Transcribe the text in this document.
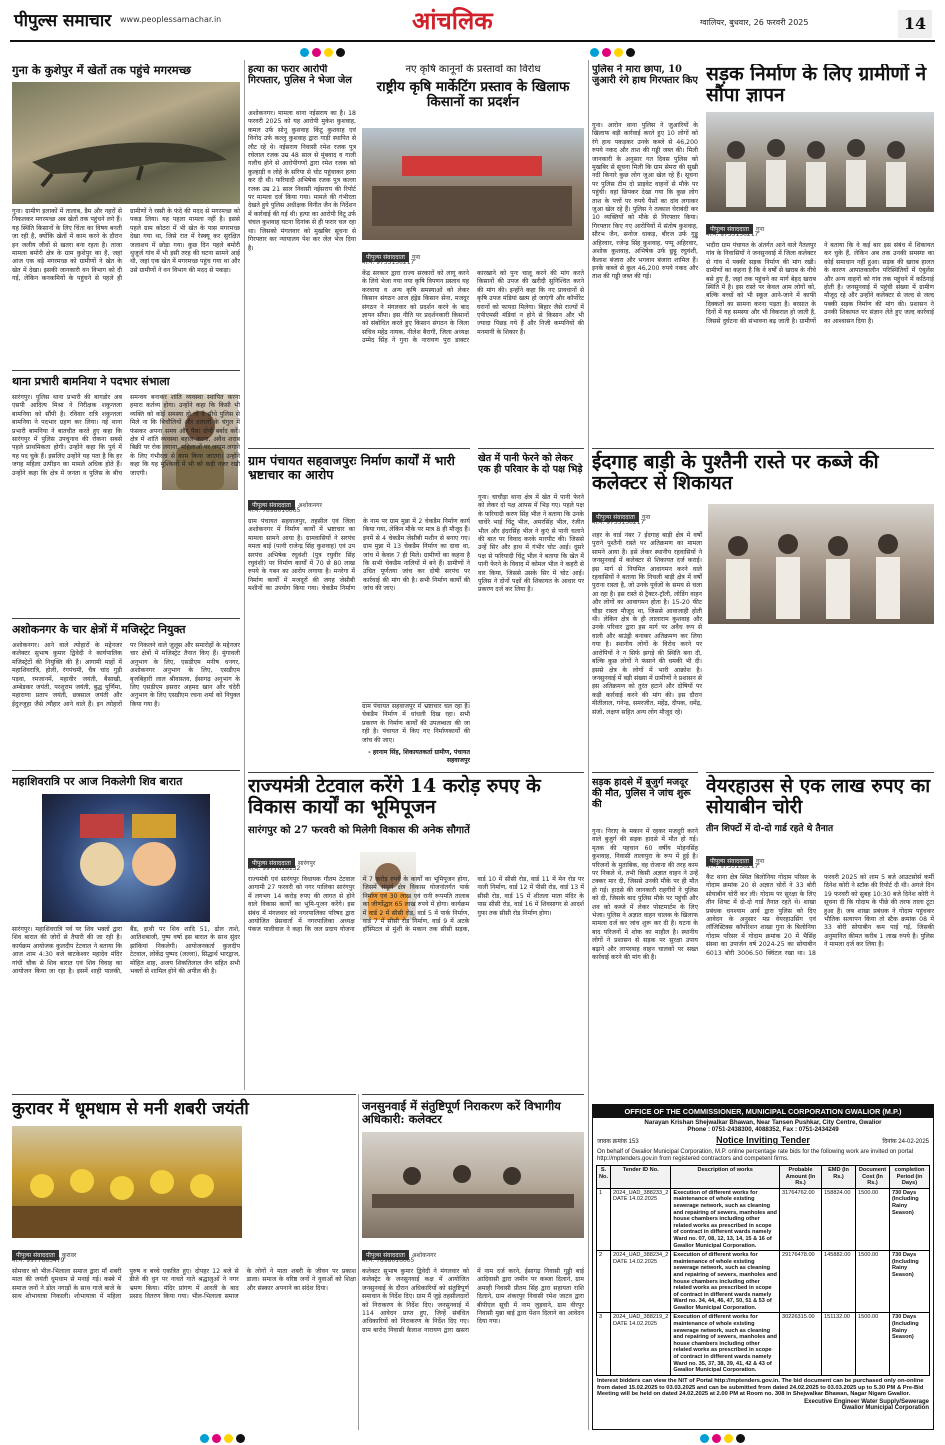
पीपुल्स समाचार www.peoplessamachar.in	आंचलिक	ग्वालियर, बुधवार, 26 फरवरी 2025	14
गुना के कुशेपुर में खेतों तक पहुंचे मगरमच्छ
गुना। ग्रामीण इलाकों में तालाब, डैम और नहरों से निकलकर मगरमच्छ अब खेतों तक पहुंचने लगे हैं। यह स्थिति किसानों के लिए चिंता का विषय बनती जा रही है, क्योंकि खेतों में काम करने के दौरान इन जलीय जीवों से खतरा बना रहता है। ताजा मामला बमोरी क्षेत्र के ग्राम कुशेपुर का है, जहां आज एक बड़े मगरमच्छ को ग्रामीणों ने खेत के खेत में देखा। इसकी जानकारी वन विभाग को दी गई, लेकिन कनकमियों के पहुंचने से पहले ही ग्रामीणों ने रस्सी के फंदे की मदद से मगरमच्छ को पकड़ लिया। यह पहला मामला नहीं है। इससे पहले ग्राम कोठरा में भी खेत के पास मगरमच्छ देखा गया था, जिसे रात में रेस्क्यू कर सुरक्षित जलाशय में छोड़ा गया। कुछ दिन पहले बमोरी थुजूर्ज गांव में भी इसी तरह की घटना सामने आई थी, जहां एक खेत में मगरमच्छ पहुंच गया था और उसे ग्रामीणों ने वन विभाग की मदद से पकड़ा।
थाना प्रभारी बामनिया ने पदभार संभाला
सारंगपुर। पुलिस थाना प्रभारी की बागडोर अब एसपी आदित्य मिश्रा ने निरीक्षक शकुन्तला बामनिया को सौंपी है। रविवार रात्रि शकुन्तला बामनिया ने पदभार ग्रहण कर लिया। नई थाना प्रभारी बामनिया ने बातचीत करते हुए कहा कि सारंगपुर में पुलिस उपचुनाव की रोकना सबसे पहले प्राथमिकता होगी। उन्होंने कहा कि पुर्व में यह पद चुके हैं। इसलिए उन्होंने यह पता है कि हर जगह महिला उत्पीड़न का मामले अधिक होते हैं। उन्होंने कहा कि क्षेत्र में जनता व पुलिस के बीच समन्वय बनाकर शांति व्यवस्था स्थापित करना हमारा कर्तव्य होगा। उन्होंने कहा कि किसी भी व्यक्ति को कोई समस्या हो तो वे सीधे पुलिस से मिले ना कि बिचौलियों और दलालों के चंगुल में फंसकर अपना समय और पैसा दोनों बर्बाद करें। क्षेत्र में शांति व्यवस्था बहाल करना, अवैध शराब बिक्री पर रोक लगाना, महिलाओं पर लगाम लगाने के लिए गंभीरता से काम किया जाएगा। उन्होंने कहा कि यह मुश्किलों में भी को कड़ी नजर रखी जाएगी।
अशोकनगर के चार क्षेत्रों में मजिस्ट्रेट नियुक्त
अशोकनगर। आने वाले त्योहारों के मद्देनजर कलेक्टर सुभाष कुमार द्विवेदी ने कार्यपालिक मजिस्ट्रेटों की नियुक्ति की है। आगामी माहों में महाशिवरात्रि, होली, रंगपंचमी, चैत्र चांद गुड़ी पड़वा, रमजानमें, महावीर जयंती, बैसाखी, अम्बेडकर जयंती, परशुराम जयंती, बुद्ध पूर्णिमा, महाराणा प्रताप जयंती, छत्रसाल जयंती और ईदुज्जुहा जैसे त्यौहार आने वाले हैं। इन त्योहारों पर निकलने वाले जुलूस और समारोहों के मद्देनजर चार क्षेत्रों में मजिस्ट्रेट तैनात किए हैं। मुंगावली अनुभाग के लिए, एसडीएम मनीष धनगर, अशोकनगर अनुभाग के लिए, एसडीएम बृजबिहारी लाल श्रीवास्तव, ईसागढ़ अनुभाग के लिए एसडीएम इसरार अहमद खान और चंदेरी अनुभाग के लिए एसडीएम रचना शर्मा को नियुक्त किया गया है।
महाशिवरात्रि पर आज निकलेगी शिव बारात
सारंगपुर। महाशिवरात्रि पर्व पर शिव भक्तों द्वारा शिव बारात की जोरों से तैयारी की जा रही है। कार्यक्रम आयोजक कुलदीप टेटवाल ने बताया कि आज शाम 4:30 बजे बाटकेश्वर महादेव मंदिर गांधी चौक से शिव बारात एवं शिव विवाह का आयोजन किया जा रहा है। इसमें शाही पालकी, बैंड, हाथी पर शिव शादि 51, ढोल ताशे, आतिशबाजी, पुष्प वर्षा इस बारात के साथ सुंदर झांकियां निकलेगी। आयोजनकर्ता कुलदीप टेटवाल, लोकेंद्र पुष्पद (लल्ला), सिद्धार्थ भारद्वाज, मोहित शाह, अजय शिकतिलाल जैन सहित सभी भक्तों से शामिल होने की अपील की है।
हत्या का फरार आरोपी गिरफ्तार, पुलिस ने भेजा जेल
अशोकनगर। मामला थाना नईसराय का है। 18 फरवरी 2025 को यह आरोपी मुकेश कुशवाह, कमल उर्फ सोनू कुशवाह किंटू कुशवाह एवं विनोद उर्फ कल्लु कुशवाह द्वारा गाड़ी स्थापित से लौट रहे थे। नईसराय निवासी रमेश रजक पुत्र रघेलाल रजक उम्र 48 साल से मुंबवाद व गाली गलौच होने से आरोपीगणों द्वारा रमेश रजक को कुल्हाड़ी व लोहे के सरिया से चोट पहुंचाकर हत्या कर दी थी। फरियादी अभिषेक रजक पुत्र कल्ला रजक उम्र 21 साल निवासी नईसराय की रिपोर्ट पर मामला दर्ज किया गया। मामले की गंभीरता देखते हुये पुलिस अधीक्षक विनीत जैन के निर्देशन में कार्रवाई की गई थी। हत्या का आरोपी विटू उर्फ चंचल कुशवाह घटना दिनांक से ही फरार चल रहा था। जिसको मंगलवार को मुखबिर सूचना से गिरफ्तार कर न्यायालय पेश कर जेल भेज दिया है।
नए कृषि कानूनों के प्रस्तावों का विरोध
राष्ट्रीय कृषि मार्केटिंग प्रस्ताव के खिलाफ किसानों का प्रदर्शन
पीपुल्स संवाददाता गुना
मो.नं. 9755130217
केंद्र सरकार द्वारा राज्य सरकारों को लागू करने के लिये भेजा गया नया कृषि विपणन प्रस्ताव यह करवाया व अन्य कृषि समस्याओं को लेकर किसान संगठन आज हंड्रेड किसान सेना, मजदूर संगठन ने मंगलवार को प्रदर्शन करने के बाद ज्ञापन सौंपा। इस नीति पर प्रदर्शनकारी किसानों को संबोधित करते हुए किसान संगठन के जिला सचिव महेंद्र नायक, नीलेश बैरागी, जिला अध्यक्ष उम्मेद सिंह ने गुना के नारायण पुरा डाक्टर कारखाने को पुनः चालू करने की मांग करते किसानों की उपज की खरीदी सुनिश्चित करने की मांग की। इन्होंने कहा कि नए प्रावधानों से कृषि उपज मंडियां खत्म हो जाएंगी और कॉर्पोरेट घरानों को फायदा मिलेगा। बिहार जैसे राज्यों में एपीएमसी मंडियां न होने से किसान और भी ज्यादा पिछड़ गये हैं और निजी कम्पनियों की मनमानी के शिकार हैं।
पुलिस ने मारा छापा, 10 जुआरी रंगे हाथ गिरफ्तार किए
गुना। आरोन थाना पुलिस ने जुआरियों के खिलाफ बड़ी कार्रवाई करते हुए 10 लोगों को रंगे हाथ पकड़कर उनके कब्जे से 46,200 रुपये नकद और ताश की गड्डी जब्त की। मिली जानकारी के अनुसार गत दिवस पुलिस को मुखबिर से सूचना मिली कि ग्राम सेमरा की सूखी नदी किनारे कुछ लोग जुआ खेल रहे हैं। सूचना पर पुलिस टीम दो प्राइवेट वाहनों से मौके पर पहुंची। वहां छिपकर देखा गया कि कुछ लोग ताश के पत्तों पर रुपये पैसों का दांव लगाकर जुआ खेल रहे हैं। पुलिस ने तत्काल घेराबंदी कर 10 व्यक्तियों को मौके से गिरफ्तार किया। गिरफ्तार किए गए आरोपियों में संतोष कुशवाह, सौरभ जैन, सनोज धाकड़, बीरज उर्फ गुड्डू अहिरवार, रजेन्द्र सिंह कुशवाह, पप्पू अहिरवार, अशोक कुशवाह, अभिषेक उर्फ छुट्टू रघुवंशी, कैलाश बंजारा और भगवान बंजारा शामिल हैं। इनके कब्जे से कुल 46,200 रुपये नकद और ताश की गड्डी जब्त की गई।
सड़क निर्माण के लिए ग्रामीणों ने सौंपा ज्ञापन
पीपुल्स संवाददाता गुना
मो.नं. 9755130217
भदौरा ग्राम पंचायत के अंतर्गत आने वाले नैतलपुर गांव के निवासियों ने जनसुनवाई में जिला कलेक्टर से गांव में पक्की सड़क निर्माण की मांग रखी। ग्रामीणों का कहना है कि वे वर्षों से खराब के नीचे बसे हुए हैं, जहां तक पहुंचने का मार्ग बेहद खराब स्थिति में है। इस रास्ते पर केवल आम लोगों को, बल्कि बच्चों को भी स्कूल आने-जाने में काफी दिक्कतों का सामना करना पड़ता है। बरसात के दिनों में यह समस्या और भी विकराल हो जाती है, जिससे दुर्घटना की संभावना बढ़ जाती है। ग्रामीणों ने बताया कि वे कई बार इस संबंध में शिकायत कर चुके हैं, लेकिन अब तक उनकी समस्या का कोई समाधान नहीं हुआ। सड़क की खराब हालत के कारण आपातकालीन परिस्थितियों में एंबुलेंस और अन्य वाहनों को गांव तक पहुंचने में कठिनाई होती है। जनसुनवाई में पहुंची संख्या में ग्रामीण मौजूद रहे और उन्होंने कलेक्टर से जल्द से जल्द पक्की सड़क निर्माण की मांग की। प्रशासन ने उनकी शिकायत पर संज्ञान लेते हुए जल्द कार्रवाई का आश्वासन दिया है।
ग्राम पंचायत सहवाजपुरः निर्माण कार्यों में भारी भ्रष्टाचार का आरोप
पीपुल्स संवाददाता अशोकनगर
मो.नं. 7898016065
ग्राम पंचायत सहवाजपुर, तहसील एवं जिला अशोकनगर में निर्माण कार्यों में भ्रष्टाचार का मामला सामने आया है। ग्रामवासियों ने सरपंच ममता बाई (पत्नी राजेन्द्र सिंह कुशवाह) एवं उप सरपंच अभिषेक रघुवंशी (पुत्र रघुवीर सिंह रघुवंशी) पर निर्माण कार्यों में 70 से 80 लाख रुपये के गबन का आरोप लगाया है। मनरेगा में निर्माण कार्यों में मजदूरों की जगह जेसीबी मशीनों का उपयोग किया गया। चेकडैम निर्माण के नाम पर ग्राम मुन्ना में 2 चेकडैम निर्माण कार्य किया गया, लेकिन मौके पर मात्र 8 ही मौजूद हैं। इनमें से 4 चेकडैम जेसीबी मशीन से बनाए गए। ग्राम मुन्ना में 13 चेकडैम निर्माण का दावा था, जांच में केवल 7 ही मिले। ग्रामीणों का कहना है कि सभी चेकडैम नालियों में बने हैं। ग्रामीणों ने उचित पूर्णतया जांच कर दोषी सरपंच पर कार्रवाई की मांग की है। सभी निर्माण कार्यों की जांच की जाए।
ग्राम पंचायत सहवाजपुर में भ्रष्टाचार चल रहा है। चेकडैम निर्माण में धांधली दिख रहा। सभी प्रकरण के निर्माण कार्यों की उपलब्धता की जा रही है। पंचायत में किए गए निर्माणकार्यों की जांच की जाए।
- हरनाम सिंह, शिकायतकर्ता ग्रामीण, पंचायत सहवाजपुर
खेत में पानी फेरने को लेकर एक ही परिवार के दो पक्ष भिड़े
गुना। चाचौड़ा थाना क्षेत्र में खेत में पानी फेरने को लेकर दो पक्ष आपस में भिड़ गए। पहले पक्ष के फरियादी करण सिंह भील ने बताया कि उनके चाचेरे भाई चिंटू भील, अमरसिंह भील, रंजीत भील और इंदरसिंह भील ने कुएं से पानी चलाने की बात पर विवाद करके मारपीट की। जिससे उन्हें सिर और हाथ में गंभीर चोट आई। दूसरे पक्ष से फरियादी चिंटू भील ने बताया कि खेत में पानी फेरने के विवाद में कोमल भील ने कहरी से वार किया, जिससे उसके सिर में चोट आई। पुलिस ने दोनों पक्षों की शिकायत के आधार पर प्रकरण दर्ज कर लिया है।
ईदगाह बाड़ी के पुश्तैनी रास्ते पर कब्जे की कलेक्टर से शिकायत
पीपुल्स संवाददाता गुना
मो.नं. 9755130217
शहर के वार्ड नंबर 7 ईदगाह बाड़ी क्षेत्र में वर्षों पुराने पुश्तैनी रास्ते पर अतिक्रमण का मामला सामने आया है। इसे लेकर स्थानीय रहवासियों ने जनसुनवाई में कलेक्टर से शिकायत दर्ज कराई। इस मार्ग से नियमित आवागमन करने वाले रहवासियों ने बताया कि निचली बाड़ी क्षेत्र में वर्षों पुराना रास्ता है, जो उनके पूर्वजों के समय से चला आ रहा है। इस रास्ते से ट्रैक्टर-ट्रॉली, लोडिंग वाहन और लोगों का आवागमन होता है। 15-20 फीट चौड़ा रास्ता मौजूद था, जिससे आवाजाही होती थी। लेकिन क्षेत्र के ही लालाराम कुशवाह और उनके परिवार द्वारा इस मार्ग पर अवैध रूप से वाली और बाउंड्री बनाकर अतिक्रमण कर लिया गया है। स्थानीय लोगों के विरोध करने पर आरोपियों ने न सिर्फ झगड़े की स्थिति बना दी, बल्कि कुछ लोगों ने फंसाने की धमकी भी दी। इससे क्षेत्र के लोगों में भारी आक्रोश है। जनसुनवाई में बड़ी संख्या में ग्रामीणों ने प्रशासन से इस अतिक्रमण को तुरंत हटाने और दोषियों पर कड़ी कार्रवाई करने की मांग की। इस दौरान मीतीलाल, गनेन्द्र, समरजीत, महेंद्र, दीपक, धमेंद्र, संजो, लक्षण सहित अन्य लोग मौजूद रहे।
राज्यमंत्री टेटवाल करेंगे 14 करोड़ रुपए के विकास कार्यों का भूमिपूजन
सारंगपुर को 27 फरवरी को मिलेगी विकास की अनेक सौगातें
पीपुल्स संवाददाता सारंगपुर
मो.नं. 9977018132
राज्यमंत्री एवं सारंगपुर विधायक गौतम टेटवाल आगामी 27 फरवरी को नगर पालिका सारंगपुर में लगभग 14 करोड़ रुपए की लागत से होने वाले विकास कार्यों का भूमि-पूजन करेंगे। इस संबंध में मंगलवार को नगरपालिका परिषद द्वारा आयोजित प्रेसवार्ता में नगरपालिका अध्यक्ष पंकज पालीवाल ने कहा कि जल प्रदाय योजना में 7 करोड़ रुपये के कार्यों का भूमिपूजन होगा, जिसमें संपूर्ण क्षेत्र विकास योजनांतर्गत पार्क निर्माण एवं 30 लाख एवं रानी रूपमति तालाब का जीर्णोद्धार 65 लाख रुपये में होगा। कार्यक्रम में वार्ड 2 में सीसी रोड, वार्ड 5 में पार्क निर्माण, वार्ड 7 में सीसी रोड निर्माण, वार्ड 9 में अटके हॉस्पिटल से मुंशी के मकान तक सीसी सड़क, वार्ड 10 में सीसी रोड, वार्ड 11 में मेन रोड पर नाली निर्माण, वार्ड 12 में पीसी रोड, वार्ड 13 में सीसी रोड, वार्ड 15 में शीतला माता मंदिर के पास सीसी रोड, वार्ड 16 में शिवसागर से आदर्श गुफा तक सीसी रोड निर्माण होगा।
सड़क हादसे में बुजुर्ग मजदूर की मौत, पुलिस ने जांच शुरू की
गुना। निराए के मकान में रहकर मजदूरी करने वाले बुजुर्ग की सड़क हादसे में मौत हो गई। मृतक की पहचान 60 वर्षीय मोहनसिंह कुशवाह, निवासी तालापुरा के रूप में हुई है। परिजनों के मुताबिक, वह रोजाना की तरह काम पर निकले थे, तभी किसी अज्ञात वाहन ने उन्हें टक्कर मार दी, जिससे उनकी मौके पर ही मौत हो गई। हादसे की जानकारी राहगीरों ने पुलिस को दी, जिसके बाद पुलिस मौके पर पहुंची और शव को कब्जे में लेकर पोस्टमार्टम के लिए भेजा। पुलिस ने अज्ञात वाहन चालक के खिलाफ मामला दर्ज कर जांच शुरू कर दी है। घटना के बाद परिजनों में शोक का माहौल है। स्थानीय लोगों ने प्रशासन से सड़क पर सुरक्षा उपाय बढ़ाने और लापरवाह वाहन चालकों पर सख्त कार्रवाई करने की मांग की है।
वेयरहाउस से एक लाख रुपए का सोयाबीन चोरी
तीन शिफ्टों में दो-दो गार्ड रहते थे तैनात
पीपुल्स संवाददाता गुना
मो.नं. 9755130217
कैंट थाना क्षेत्र स्थित बिलोनिया गोदाम परिसर के गोदाम क्रमांक 20 से अज्ञात चोरों ने 33 बोरी सोयाबीन चोरी कर ली। गोदाम पर सुरक्षा के लिए तीन शिफ्ट में दो-दो गार्ड तैनात रहते थे। शाखा प्रबंधक धनश्याम आर्य द्वारा पुलिस को दिए आवेदन के अनुसार मप्र वेयरहाउसिंग एवं लॉजिस्टिक्स कॉर्पोरेशन शाखा गुना के बिलोनिया गोदाम परिसर में गोदाम क्रमांक 20 में भैसिंह संस्था का उपार्जन वर्ष 2024-25 का सोयाबीन 6013 बोरी 3006.50 क्विंटल रखा था। 18 फरवरी 2025 को शाम 5 बजे आउटसोर्स कर्मी दिनेश कोरी ने स्टॉक की रिपोर्ट दी थी। अगले दिन 19 फरवरी को सुबह 10:30 बजे दिनेश कोरी ने सूचना दी कि गोदाम के पीछे की तरफ ताला टूटा हुआ है। जब शाखा प्रबंधक ने गोदाम पहुंचकर भौतिक सत्यापन किया तो स्टैक क्रमांक 08 में 33 बोरी सोयाबीन कम पाई गई, जिसकी अनुमानित कीमत करीब 1 लाख रुपये है। पुलिस ने मामला दर्ज कर लिया है।
कुरावर में धूमधाम से मनी शबरी जयंती
पीपुल्स संवाददाता कुरावर
मो.नं. 9977883479
सोमवार को भील-भिलाला समाज द्वारा माँ शबरी माता की जयंती धूमधाम से मनाई गई। कस्बे में समाज जनों ने डोल नगाड़ों के साथ गाजे बाजे के साथ शोभायात्रा निकाली। शोभायात्रा में महिला पुरुष व बच्चे एकत्रित हुए। दोपहर 12 बजे से डीजे की धुन पर नाचते गाते श्रद्धालुओं ने नगर भ्रमण किया। मंदिर प्रांगण में आरती के बाद प्रसाद वितरण किया गया। भील-भिलाला समाज के लोगों ने माता शबरी के जीवन पर प्रकाश डाला। समाज के वरिष्ठ जनों ने युवाओं को शिक्षा और संस्कार अपनाने का संदेश दिया।
जनसुनवाई में संतुष्टिपूर्ण निराकरण करें विभागीय अधिकारी: कलेक्टर
पीपुल्स संवाददाता अशोकनगर
मो.नं. 7898016065
कलेक्टर सुभाष कुमार द्विवेदी ने मंगलवार को कलेक्ट्रेट के जनसुनवाई कक्ष में आयोजित जनसुनवाई के दौरान अधिकारियों को संतुष्टिपूर्ण समाधान के निर्देश दिए। ग्राम मैं जुड़े तहसीलदारों को निराकरण के निर्देश दिए। जनसुनवाई में 114 आवेदन प्राप्त हुए, जिन्हें संबंधित अधिकारियों को निराकरण के निर्देश दिए गए। ग्राम बारोद निवासी कैलाश नारायण द्वारा खसरा में नाम दर्ज करने, ईसागढ़ निवासी गुड्डी बाई आदिवासी द्वारा जमीन पर कब्जा दिलाने, ग्राम अमाही निवासी प्रीतम सिंह द्वारा सहायता राशि दिलाने, ग्राम शंकरपुर निवासी रमेश जाटव द्वारा बीपीएल सूची में नाम जुड़वाने, ग्राम वीरपुर निवासी मुन्ना बाई द्वारा पेंशन दिलाने का आवेदन दिया गया।
OFFICE OF THE COMMISSIONER, MUNICIPAL CORPORATION GWALIOR (M.P.)
Narayan Krishan Shejwalkar Bhawan, Near Tansen Pushkar, City Centre, Gwalior
Phone : 0751-2438300, 4088352, Fax : 0751-2434249
जावक क्रमांक 153	Notice Inviting Tender	दिनांक 24-02-2025
On behalf of Gwalior Municipal Corporation, M.P. online percentage rate bids for the following work are invited on portal http://mptenders.gov.in from registered contractors and competent firms.
S. No.	Tender ID No.	Description of works	Probable Amount (In Rs.)	EMD (In Rs.)	Document Cost (In Rs.)	completion Period (in Days)
1	2024_UAD_388233_2 DATE 14.02.2025	Execution of different works for maintenance of whole existing sewerage network, such as cleaning and repairing of sewers, manholes and house chambers including other related works as prescribed in scope of contract in different wards namely Ward no. 07, 08, 12, 13, 14, 15 & 16 of Gwalior Municipal Corporation.	31764762.00	158824.00	1500.00	730 Days (Including Rainy Season)
2	2024_UAD_388234_2 DATE 14.02.2025	Execution of different works for maintenance of whole existing sewerage network, such as cleaning and repairing of sewers, manholes and house chambers including other related works as prescribed in scope of contract in different wards namely Ward no. 34, 44, 46, 47, 50, 51 & 53 of Gwalior Municipal Corporation.	29176478.00	145882.00	1500.00	730 Days (Including Rainy Season)
3	2024_UAD_388219_2 DATE 14.02.2025	Execution of different works for maintenance of whole existing sewerage network, such as cleaning and repairing of sewers, manholes and house chambers including other related works as prescribed in scope of contract in different wards namely Ward no. 35, 37, 38, 39, 41, 42 & 43 of Gwalior Municipal Corporation.	30226315.00	151132.00	1500.00	730 Days (Including Rainy Season)
Interest bidders can view the NIT of Portal http://mptenders.gov.in. The bid document can be purchased only on-online from dated 15.02.2025 to 03.03.2025 and can be submitted from dated 24.02.2025 to 03.03.2025 up to 5.30 PM & Pre-Bid Meeting will be held on dated 24.02.2025 at 2.00 PM at Room no. 308 in Shejwalkar Bhawan, Nagar Nigam Gwalior.
Executive Engineer Water Supply/Sewerage
Gwalior Municipal Corporation
